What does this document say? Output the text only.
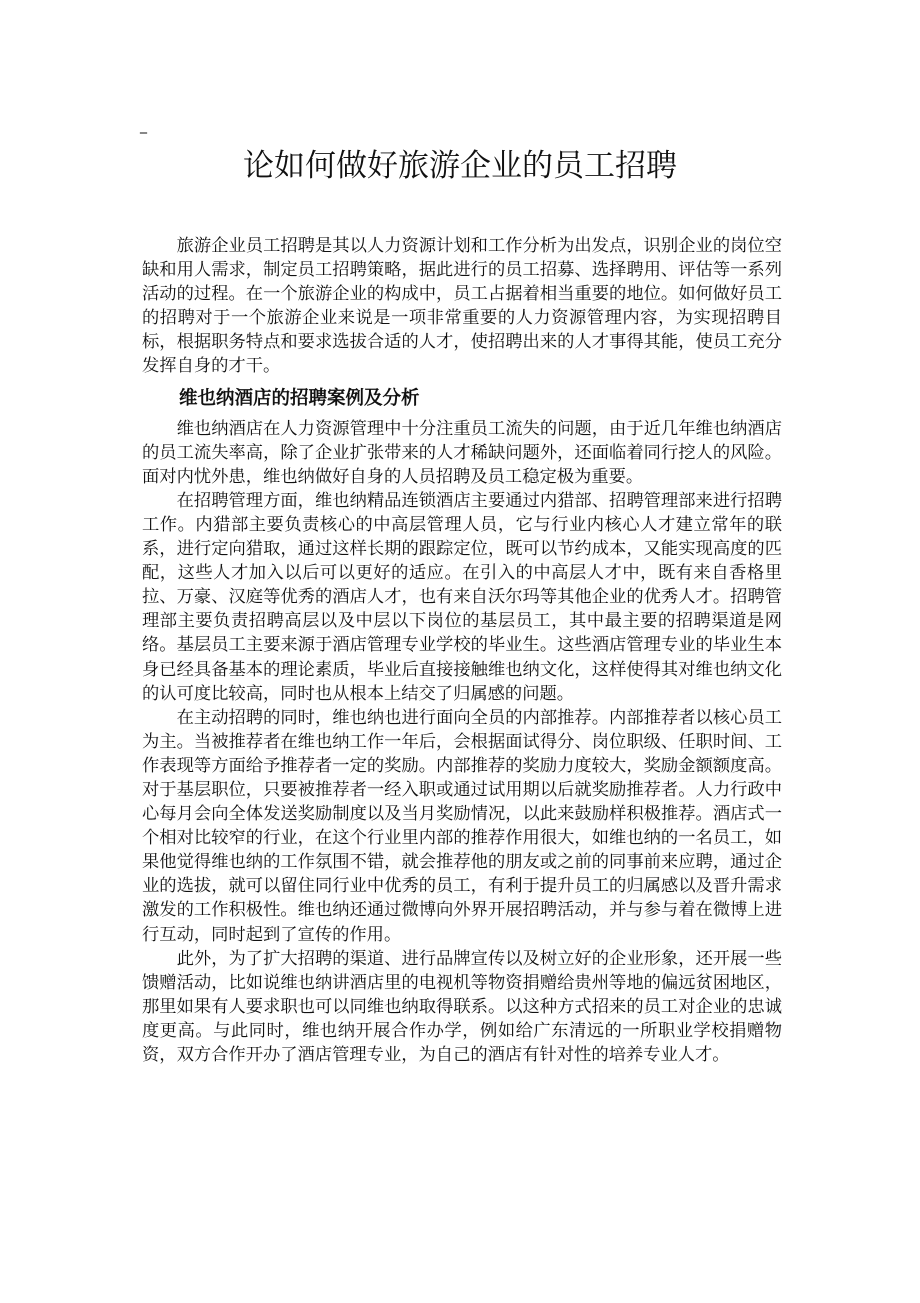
_
论如何做好旅游企业的员工招聘

旅游企业员工招聘是其以人力资源计划和工作分析为出发点，识别企业的岗位空缺和用人需求，制定员工招聘策略，据此进行的员工招募、选择聘用、评估等一系列活动的过程。在一个旅游企业的构成中，员工占据着相当重要的地位。如何做好员工的招聘对于一个旅游企业来说是一项非常重要的人力资源管理内容，为实现招聘目标，根据职务特点和要求选拔合适的人才，使招聘出来的人才事得其能，使员工充分发挥自身的才干。

维也纳酒店的招聘案例及分析

维也纳酒店在人力资源管理中十分注重员工流失的问题，由于近几年维也纳酒店的员工流失率高，除了企业扩张带来的人才稀缺问题外，还面临着同行挖人的风险。面对内忧外患，维也纳做好自身的人员招聘及员工稳定极为重要。

在招聘管理方面，维也纳精品连锁酒店主要通过内猎部、招聘管理部来进行招聘工作。内猎部主要负责核心的中高层管理人员，它与行业内核心人才建立常年的联系，进行定向猎取，通过这样长期的跟踪定位，既可以节约成本，又能实现高度的匹配，这些人才加入以后可以更好的适应。在引入的中高层人才中，既有来自香格里拉、万豪、汉庭等优秀的酒店人才，也有来自沃尔玛等其他企业的优秀人才。招聘管理部主要负责招聘高层以及中层以下岗位的基层员工，其中最主要的招聘渠道是网络。基层员工主要来源于酒店管理专业学校的毕业生。这些酒店管理专业的毕业生本身已经具备基本的理论素质，毕业后直接接触维也纳文化，这样使得其对维也纳文化的认可度比较高，同时也从根本上结交了归属感的问题。

在主动招聘的同时，维也纳也进行面向全员的内部推荐。内部推荐者以核心员工为主。当被推荐者在维也纳工作一年后，会根据面试得分、岗位职级、任职时间、工作表现等方面给予推荐者一定的奖励。内部推荐的奖励力度较大，奖励金额额度高。对于基层职位，只要被推荐者一经入职或通过试用期以后就奖励推荐者。人力行政中心每月会向全体发送奖励制度以及当月奖励情况，以此来鼓励样积极推荐。酒店式一个相对比较窄的行业，在这个行业里内部的推荐作用很大，如维也纳的一名员工，如果他觉得维也纳的工作氛围不错，就会推荐他的朋友或之前的同事前来应聘，通过企业的选拔，就可以留住同行业中优秀的员工，有利于提升员工的归属感以及晋升需求激发的工作积极性。维也纳还通过微博向外界开展招聘活动，并与参与着在微博上进行互动，同时起到了宣传的作用。

此外，为了扩大招聘的渠道、进行品牌宣传以及树立好的企业形象，还开展一些馈赠活动，比如说维也纳讲酒店里的电视机等物资捐赠给贵州等地的偏远贫困地区，那里如果有人要求职也可以同维也纳取得联系。以这种方式招来的员工对企业的忠诚度更高。与此同时，维也纳开展合作办学，例如给广东清远的一所职业学校捐赠物资，双方合作开办了酒店管理专业，为自己的酒店有针对性的培养专业人才。
